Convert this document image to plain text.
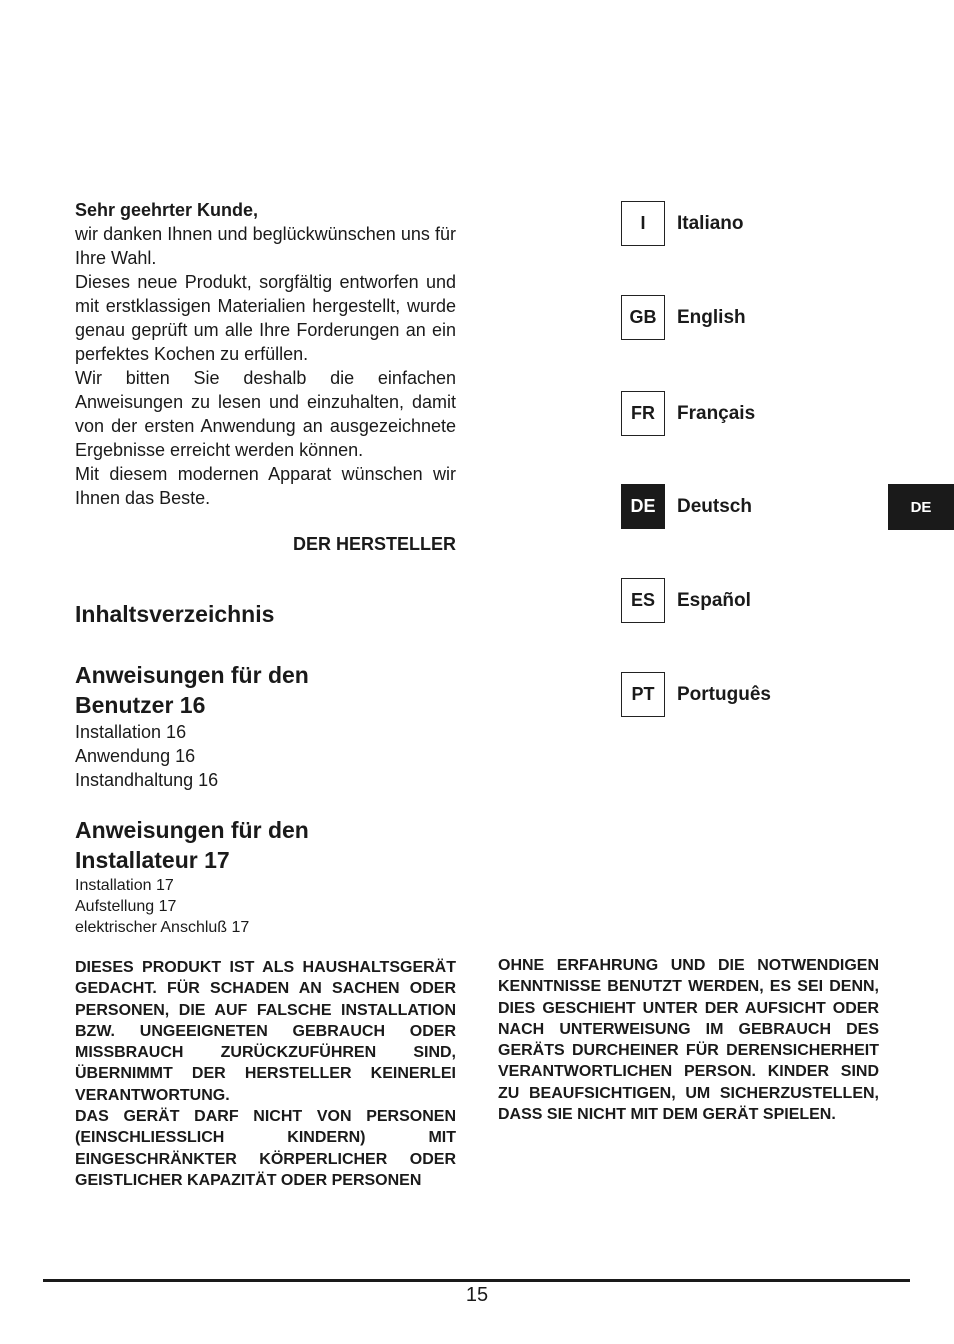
Sehr geehrter Kunde,

wir danken Ihnen und beglückwünschen uns für Ihre Wahl.

Dieses neue Produkt, sorgfältig entworfen und mit erstklassigen Materialien hergestellt, wurde genau geprüft um alle Ihre Forderungen an ein perfektes Kochen zu erfüllen.

Wir bitten Sie deshalb die einfachen Anweisungen zu lesen und einzuhalten, damit von der ersten Anwendung an ausgezeichnete Ergebnisse erreicht werden können.

Mit diesem modernen Apparat wünschen wir Ihnen das Beste.

DER HERSTELLER
Inhaltsverzeichnis
Anweisungen für den
Benutzer 16
Installation 16
Anwendung 16
Instandhaltung 16
Anweisungen für den
Installateur 17
Installation 17
Aufstellung 17
elektrischer Anschluß 17
DIESES PRODUKT IST ALS HAUSHALTSGERÄT GEDACHT. FÜR SCHADEN AN SACHEN ODER PERSONEN, DIE AUF FALSCHE INSTALLATION BZW. UNGEEIGNETEN GEBRAUCH ODER MISSBRAUCH ZURÜCKZUFÜHREN SIND, ÜBERNIMMT DER HERSTELLER KEINERLEI VERANTWORTUNG.
DAS GERÄT DARF NICHT VON PERSONEN (EINSCHLIESSLICH KINDERN) MIT EINGESCHRÄNKTER KÖRPERLICHER ODER GEISTLICHER KAPAZITÄT ODER PERSONEN
OHNE ERFAHRUNG UND DIE NOTWENDIGEN KENNTNISSE BENUTZT WERDEN, ES SEI DENN, DIES GESCHIEHT UNTER DER AUFSICHT ODER NACH UNTERWEISUNG IM GEBRAUCH DES GERÄTS DURCHEINER FÜR DERENSICHERHEIT VERANTWORTLICHEN PERSON. KINDER SIND ZU BEAUFSICHTIGEN, UM SICHERZUSTELLEN, DASS SIE NICHT MIT DEM GERÄT SPIELEN.
I	Italiano
GB	English
FR	Français
DE	Deutsch
ES	Español
PT	Português
DE
15
